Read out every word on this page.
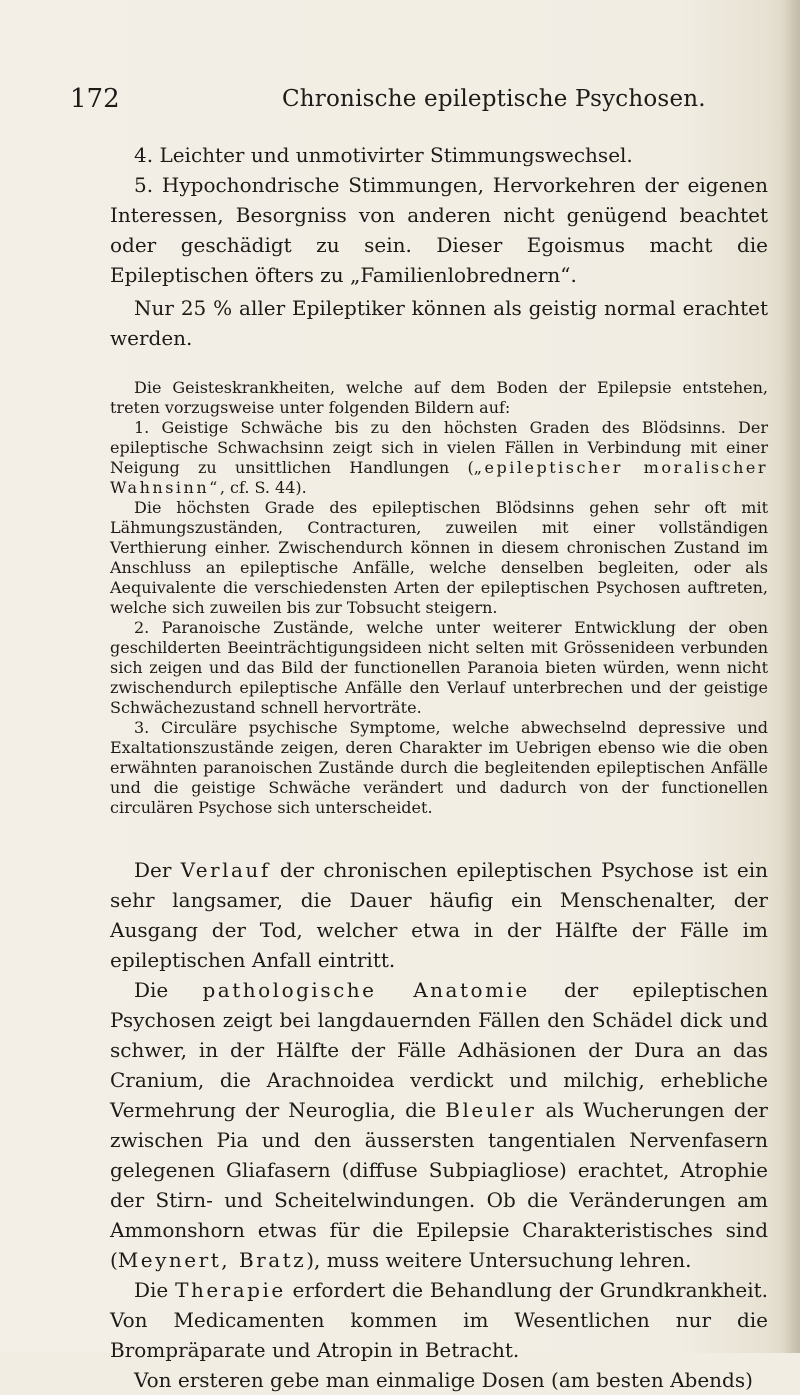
172	Chronische epileptische Psychosen.

4. Leichter und unmotivirter Stimmungswechsel.

5. Hypochondrische Stimmungen, Hervorkehren der eigenen Interessen, Besorgniss von anderen nicht genügend beachtet oder geschädigt zu sein. Dieser Egoismus macht die Epileptischen öfters zu „Familienlobrednern“.

Nur 25 % aller Epileptiker können als geistig normal erachtet werden.

Die Geisteskrankheiten, welche auf dem Boden der Epilepsie entstehen, treten vorzugsweise unter folgenden Bildern auf:

1. Geistige Schwäche bis zu den höchsten Graden des Blödsinns. Der epileptische Schwachsinn zeigt sich in vielen Fällen in Verbindung mit einer Neigung zu unsittlichen Handlungen („epileptischer moralischer Wahnsinn“, cf. S. 44).

Die höchsten Grade des epileptischen Blödsinns gehen sehr oft mit Lähmungszuständen, Contracturen, zuweilen mit einer vollständigen Verthierung einher. Zwischendurch können in diesem chronischen Zustand im Anschluss an epileptische Anfälle, welche denselben begleiten, oder als Aequivalente die verschiedensten Arten der epileptischen Psychosen auftreten, welche sich zuweilen bis zur Tobsucht steigern.

2. Paranoische Zustände, welche unter weiterer Entwicklung der oben geschilderten Beeinträchtigungsideen nicht selten mit Grössenideen verbunden sich zeigen und das Bild der functionellen Paranoia bieten würden, wenn nicht zwischendurch epileptische Anfälle den Verlauf unterbrechen und der geistige Schwächezustand schnell hervorträte.

3. Circuläre psychische Symptome, welche abwechselnd depressive und Exaltationszustände zeigen, deren Charakter im Uebrigen ebenso wie die oben erwähnten paranoischen Zustände durch die begleitenden epileptischen Anfälle und die geistige Schwäche verändert und dadurch von der functionellen circulären Psychose sich unterscheidet.

Der Verlauf der chronischen epileptischen Psychose ist ein sehr langsamer, die Dauer häufig ein Menschenalter, der Ausgang der Tod, welcher etwa in der Hälfte der Fälle im epileptischen Anfall eintritt.

Die pathologische Anatomie der epileptischen Psychosen zeigt bei langdauernden Fällen den Schädel dick und schwer, in der Hälfte der Fälle Adhäsionen der Dura an das Cranium, die Arachnoidea verdickt und milchig, erhebliche Vermehrung der Neuroglia, die Bleuler als Wucherungen der zwischen Pia und den äussersten tangentialen Nervenfasern gelegenen Gliafasern (diffuse Subpiagliose) erachtet, Atrophie der Stirn- und Scheitelwindungen. Ob die Veränderungen am Ammonshorn etwas für die Epilepsie Charakteristisches sind (Meynert, Bratz), muss weitere Untersuchung lehren.

Die Therapie erfordert die Behandlung der Grundkrankheit. Von Medicamenten kommen im Wesentlichen nur die Brompräparate und Atropin in Betracht.

Von ersteren gebe man einmalige Dosen (am besten Abends)
